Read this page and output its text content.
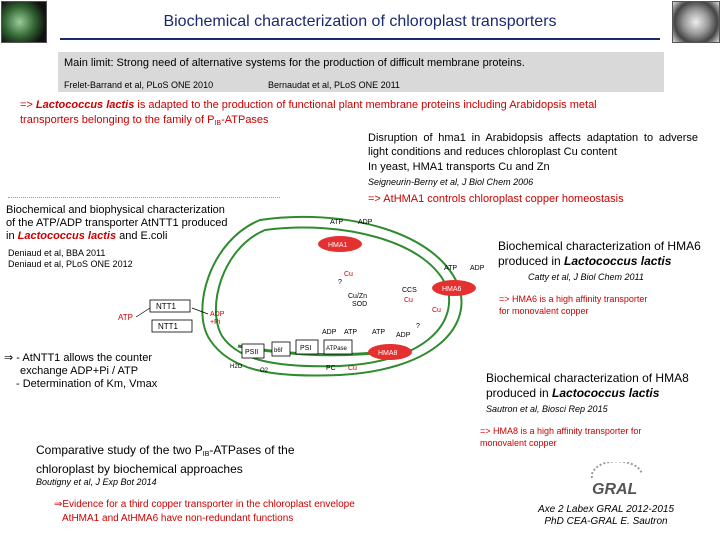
Biochemical characterization of chloroplast transporters
Main limit: Strong need of alternative systems for the production of difficult membrane proteins.
Frelet-Barrand et al, PLoS ONE 2010	Bernaudat et al, PLoS ONE 2011
=> Lactococcus lactis is adapted to the production of functional plant membrane proteins including Arabidopsis metal
transporters belonging to the family of $P_{IB}$-ATPases
Disruption of hma1 in Arabidopsis affects adaptation to adverse light conditions and reduces chloroplast Cu content
In yeast, HMA1 transports Cu and Zn
Seigneurin-Berny et al, J Biol Chem 2006
=> AtHMA1 controls chloroplast copper homeostasis
Biochemical and biophysical characterization
of the ATP/ADP transporter AtNTT1 produced
in Lactococcus lactis and E.coli
Deniaud et al, BBA 2011
Deniaud et al, PLoS ONE 2012
⇒ - AtNTT1 allows the counter
exchange ADP+Pi / ATP
- Determination of Km, Vmax
Biochemical characterization of HMA6
produced in Lactococcus lactis
Catty et al, J Biol Chem 2011
=> HMA6 is a high affinity transporter
for monovalent copper
Biochemical characterization of HMA8
produced in Lactococcus lactis
Sautron et al, Biosci Rep 2015
=> HMA8 is a high affinity transporter for
monovalent copper
Comparative study of the two $P_{IB}$-ATPases of the
chloroplast by biochemical approaches
Boutigny et al, J Exp Bot 2014
⇒Evidence for a third copper transporter in the chloroplast envelope
AtHMA1 and AtHMA6 have non-redundant functions
GRAL
Axe 2 Labex GRAL 2012-2015
PhD CEA-GRAL E. Sautron
NTT1
NTT1
ATP	ADP
+Pi
HMA1
ATP ADP
Cu
?
Cu/Zn
SOD
CCS
Cu
HMA6
ATP ADP
Cu
?
PSII	b6f	PSI ATPase
H2O
O2
ADP ATP
PC Cu
HMA8
ATP ADP
